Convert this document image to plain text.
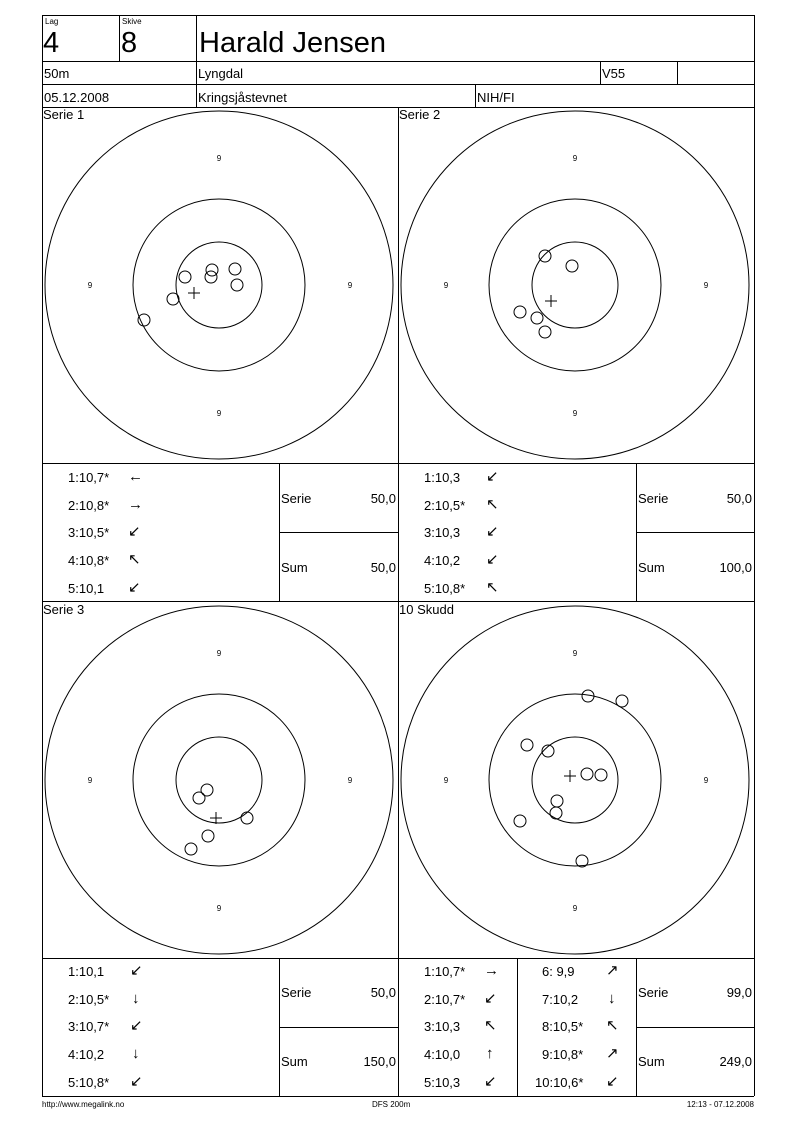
Lag
4
Skive
8 Harald Jensen
50m	Lyngdal	V55
05.12.2008	Kringsjåstevnet	NIH/FI
Serie 1	Serie 2
Serie 3	10 Skudd
9
9
9	9
9
9
9	9
9
9
9	9
9
9
9	9
1:10,7* ←
2:10,8* →
3:10,5* ↙
4:10,8* ↖
5:10,1 ↙
Serie	50,0
Sum	50,0
1:10,3 ↙
2:10,5* ↖
3:10,3 ↙
4:10,2 ↙
5:10,8* ↖
Serie	50,0
Sum	100,0
1:10,1 ↙
2:10,5* ↓
3:10,7* ↙
4:10,2 ↓
5:10,8* ↙
Serie	50,0
Sum	150,0
1:10,7* →
2:10,7* ↙
3:10,3 ↖
4:10,0 ↑
5:10,3 ↙
6: 9,9 ↗
7:10,2 ↓
8:10,5* ↖
9:10,8* ↗
10:10,6* ↙
Serie	99,0
Sum	249,0
http://www.megalink.no	DFS 200m	12:13 - 07.12.2008
